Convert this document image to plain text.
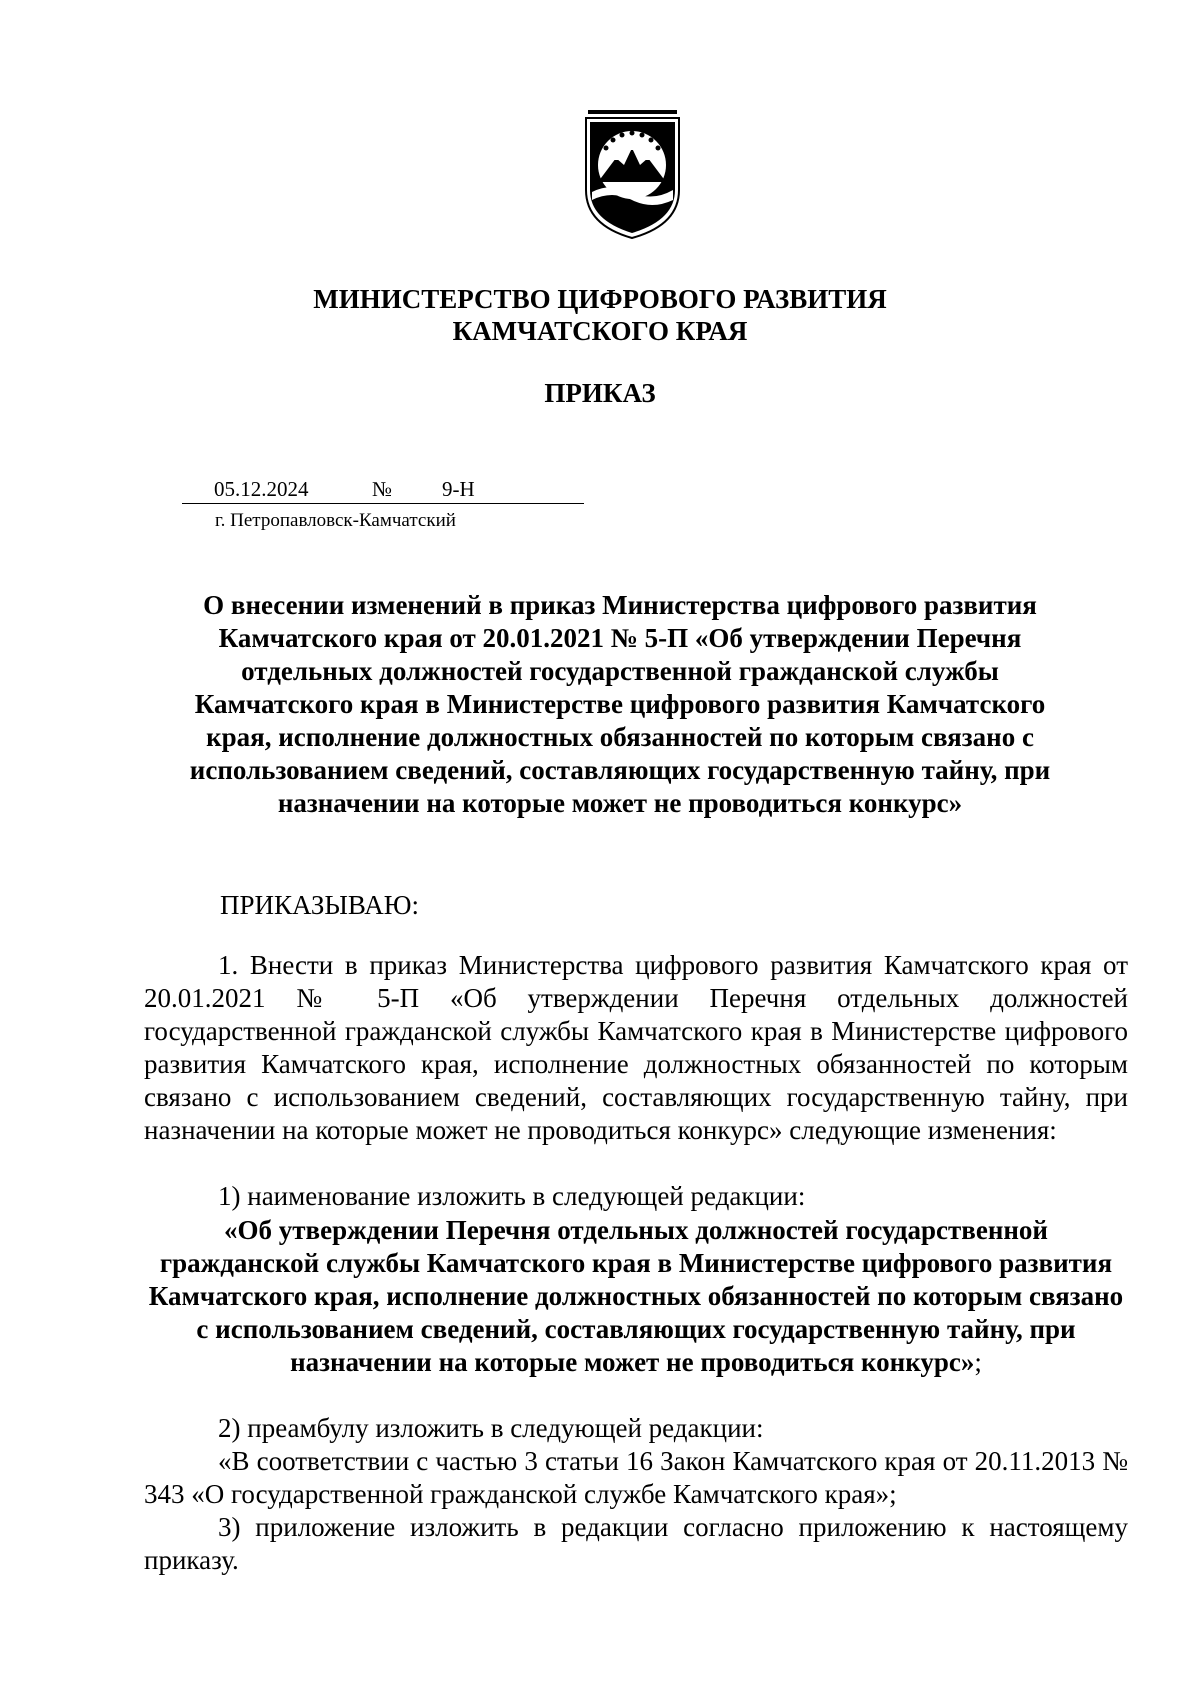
МИНИСТЕРСТВО ЦИФРОВОГО РАЗВИТИЯ
КАМЧАТСКОГО КРАЯ
ПРИКАЗ
05.12.2024	№ 9-Н
г. Петропавловск-Камчатский
О внесении изменений в приказ Министерства цифрового развития Камчатского края от 20.01.2021 № 5-П «Об утверждении Перечня отдельных должностей государственной гражданской службы Камчатского края в Министерстве цифрового развития Камчатского края, исполнение должностных обязанностей по которым связано с использованием сведений, составляющих государственную тайну, при назначении на которые может не проводиться конкурс»
ПРИКАЗЫВАЮ:
1. Внести в приказ Министерства цифрового развития Камчатского края от 20.01.2021 № 5-П «Об утверждении Перечня отдельных должностей государственной гражданской службы Камчатского края в Министерстве цифрового развития Камчатского края, исполнение должностных обязанностей по которым связано с использованием сведений, составляющих государственную тайну, при назначении на которые может не проводиться конкурс» следующие изменения:
1) наименование изложить в следующей редакции:
«Об утверждении Перечня отдельных должностей государственной гражданской службы Камчатского края в Министерстве цифрового развития Камчатского края, исполнение должностных обязанностей по которым связано с использованием сведений, составляющих государственную тайну, при назначении на которые может не проводиться конкурс»;
2) преамбулу изложить в следующей редакции:
«В соответствии с частью 3 статьи 16 Закон Камчатского края от 20.11.2013 № 343 «О государственной гражданской службе Камчатского края»;
3) приложение изложить в редакции согласно приложению к настоящему приказу.
